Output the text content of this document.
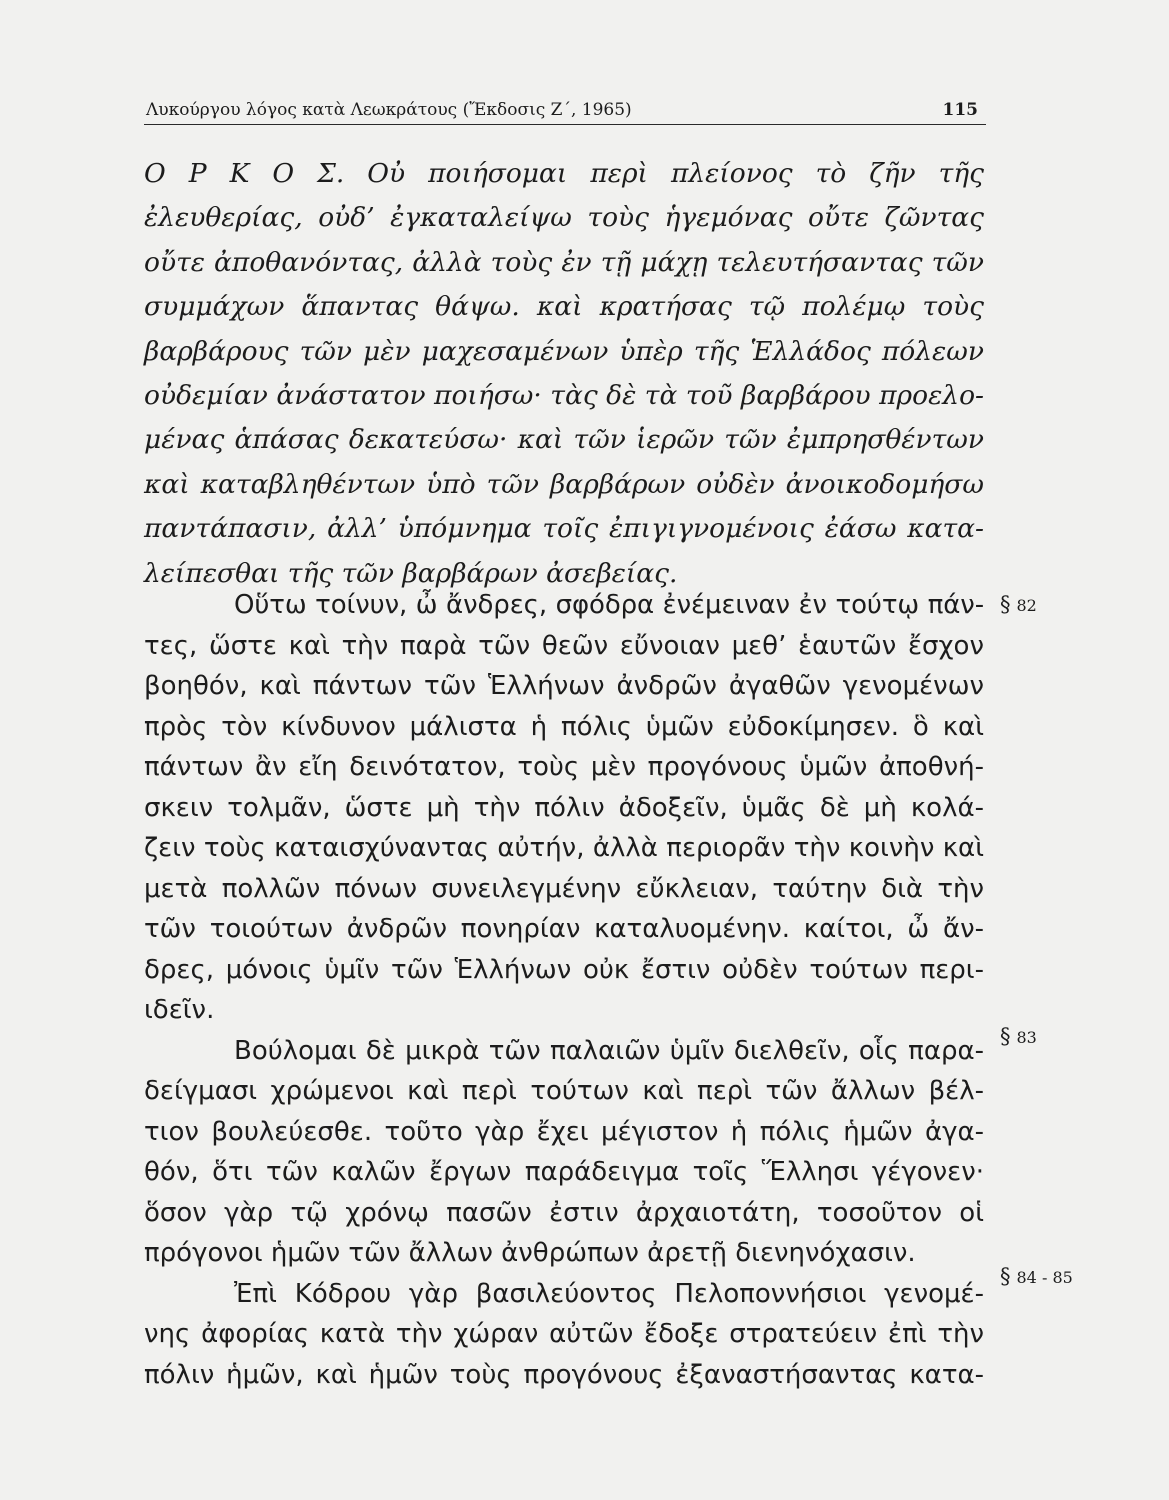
Λυκούργου λόγος κατὰ Λεωκράτους (Ἔκδοσις Ζ΄, 1965)	115
Ο Ρ Κ Ο Σ. Οὐ ποιήσομαι περὶ πλείονος τὸ ζῆν τῆς
ἐλευθερίας, οὐδ’ ἐγκαταλείψω τοὺς ἡγεμόνας οὔτε ζῶντας
οὔτε ἀποθανόντας, ἀλλὰ τοὺς ἐν τῇ μάχῃ τελευτήσαντας τῶν
συμμάχων ἅπαντας θάψω. καὶ κρατήσας τῷ πολέμῳ τοὺς
βαρβάρους τῶν μὲν μαχεσαμένων ὑπὲρ τῆς Ἑλλάδος πόλεων
οὐδεμίαν ἀνάστατον ποιήσω· τὰς δὲ τὰ τοῦ βαρβάρου προελο-
μένας ἁπάσας δεκατεύσω· καὶ τῶν ἱερῶν τῶν ἐμπρησθέντων
καὶ καταβληθέντων ὑπὸ τῶν βαρβάρων οὐδὲν ἀνοικοδομήσω
παντάπασιν, ἀλλ’ ὑπόμνημα τοῖς ἐπιγιγνομένοις ἐάσω κατα-
λείπεσθαι τῆς τῶν βαρβάρων ἀσεβείας.
Οὕτω τοίνυν, ὦ ἄνδρες, σφόδρα ἐνέμειναν ἐν τούτῳ πάν-
τες, ὥστε καὶ τὴν παρὰ τῶν θεῶν εὔνοιαν μεθ’ ἑαυτῶν ἔσχον
βοηθόν, καὶ πάντων τῶν Ἑλλήνων ἀνδρῶν ἀγαθῶν γενομένων
πρὸς τὸν κίνδυνον μάλιστα ἡ πόλις ὑμῶν εὐδοκίμησεν. ὃ καὶ
πάντων ἂν εἴη δεινότατον, τοὺς μὲν προγόνους ὑμῶν ἀποθνή-
σκειν τολμᾶν, ὥστε μὴ τὴν πόλιν ἀδοξεῖν, ὑμᾶς δὲ μὴ κολά-
ζειν τοὺς καταισχύναντας αὐτήν, ἀλλὰ περιορᾶν τὴν κοινὴν καὶ
μετὰ πολλῶν πόνων συνειλεγμένην εὔκλειαν, ταύτην διὰ τὴν
τῶν τοιούτων ἀνδρῶν πονηρίαν καταλυομένην. καίτοι, ὦ ἄν-
δρες, μόνοις ὑμῖν τῶν Ἑλλήνων οὐκ ἔστιν οὐδὲν τούτων περι-
ιδεῖν.
Βούλομαι δὲ μικρὰ τῶν παλαιῶν ὑμῖν διελθεῖν, οἷς παρα-
δείγμασι χρώμενοι καὶ περὶ τούτων καὶ περὶ τῶν ἄλλων βέλ-
τιον βουλεύεσθε. τοῦτο γὰρ ἔχει μέγιστον ἡ πόλις ἡμῶν ἀγα-
θόν, ὅτι τῶν καλῶν ἔργων παράδειγμα τοῖς Ἕλλησι γέγονεν·
ὅσον γὰρ τῷ χρόνῳ πασῶν ἐστιν ἀρχαιοτάτη, τοσοῦτον οἱ
πρόγονοι ἡμῶν τῶν ἄλλων ἀνθρώπων ἀρετῇ διενηνόχασιν.
Ἐπὶ Κόδρου γὰρ βασιλεύοντος Πελοποννήσιοι γενομέ-
νης ἀφορίας κατὰ τὴν χώραν αὐτῶν ἔδοξε στρατεύειν ἐπὶ τὴν
πόλιν ἡμῶν, καὶ ἡμῶν τοὺς προγόνους ἐξαναστήσαντας κατα-
§ 82
§ 83
§ 84 - 85
